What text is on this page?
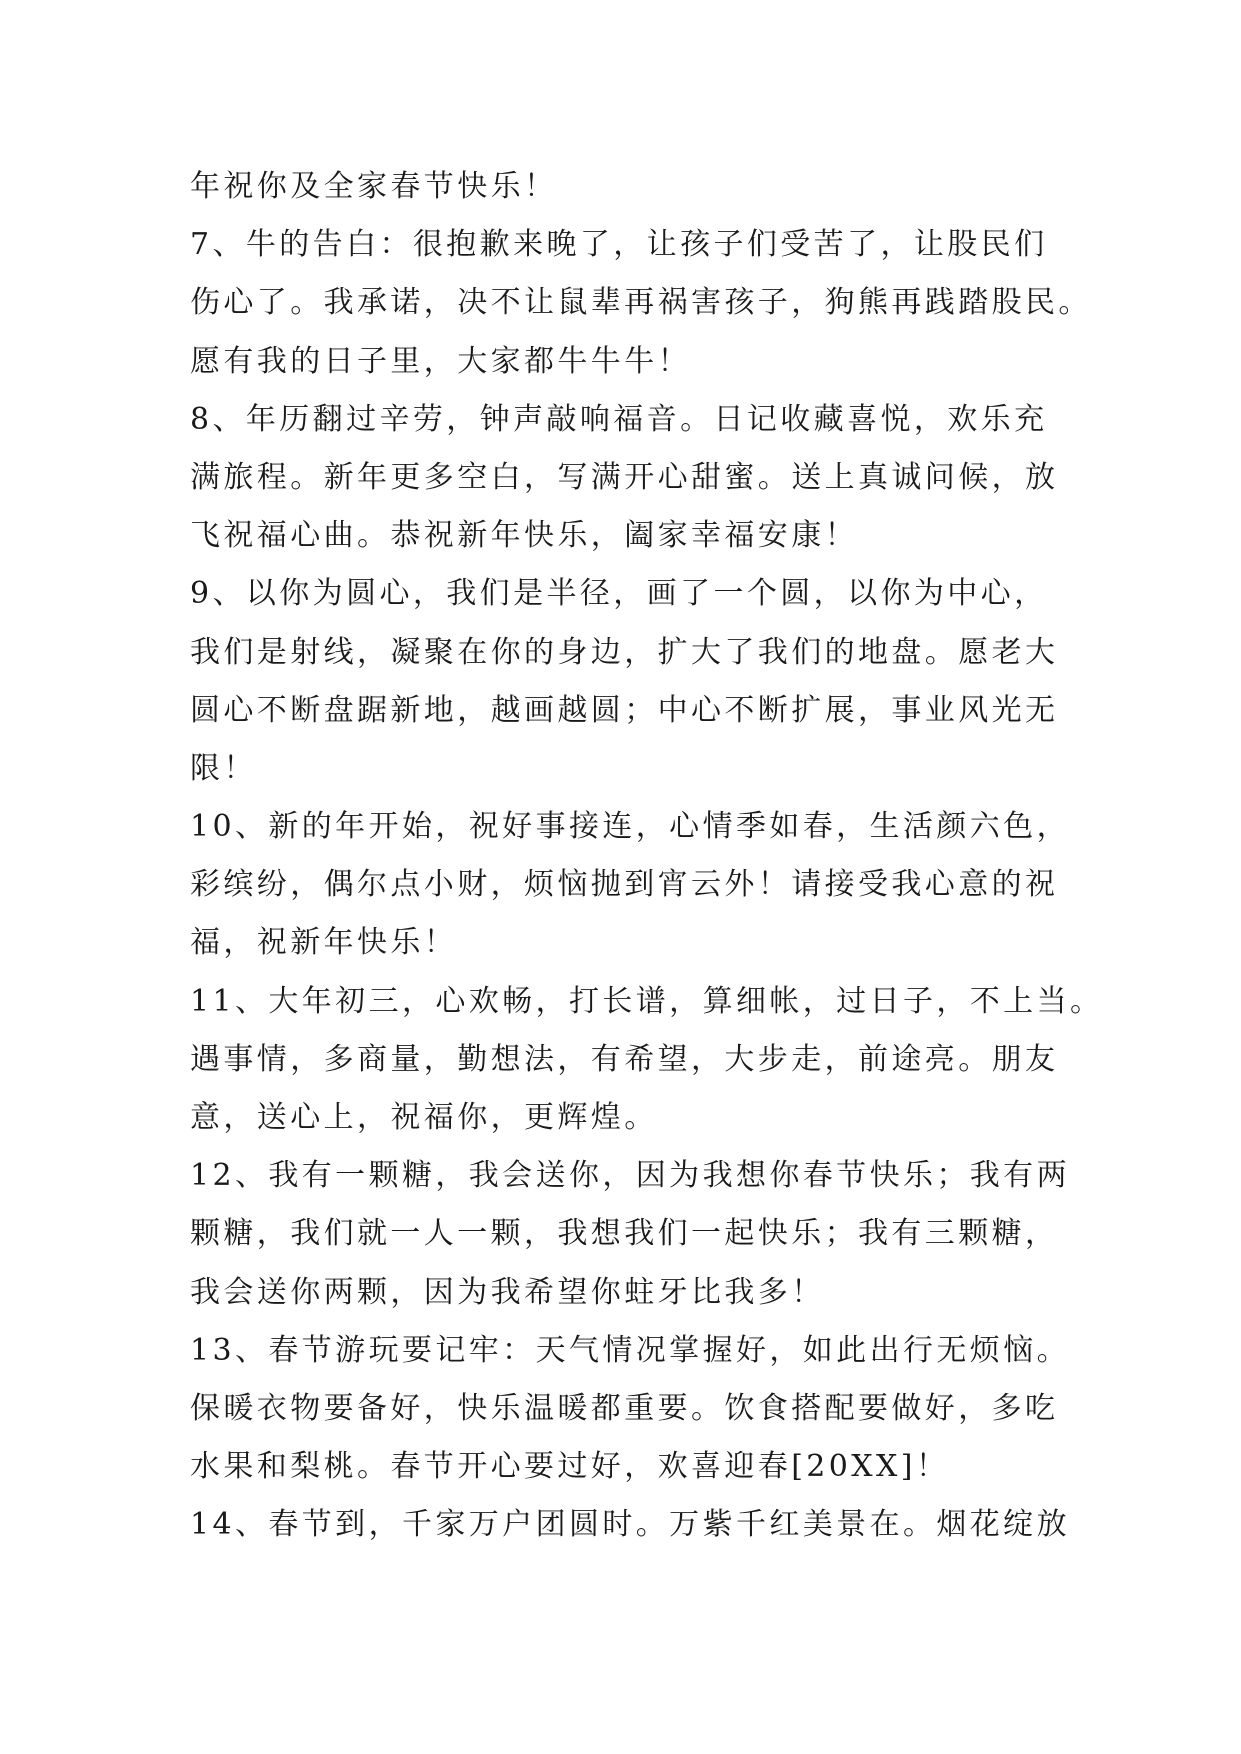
年祝你及全家春节快乐！
7、牛的告白：很抱歉来晚了，让孩子们受苦了，让股民们
伤心了。我承诺，决不让鼠辈再祸害孩子，狗熊再践踏股民。
愿有我的日子里，大家都牛牛牛！
8、年历翻过辛劳，钟声敲响福音。日记收藏喜悦，欢乐充
满旅程。新年更多空白，写满开心甜蜜。送上真诚问候，放
飞祝福心曲。恭祝新年快乐，阖家幸福安康！
9、以你为圆心，我们是半径，画了一个圆，以你为中心，
我们是射线，凝聚在你的身边，扩大了我们的地盘。愿老大
圆心不断盘踞新地，越画越圆；中心不断扩展，事业风光无
限！
10、新的年开始，祝好事接连，心情季如春，生活颜六色，
彩缤纷，偶尔点小财，烦恼抛到宵云外！请接受我心意的祝
福，祝新年快乐！
11、大年初三，心欢畅，打长谱，算细帐，过日子，不上当。
遇事情，多商量，勤想法，有希望，大步走，前途亮。朋友
意，送心上，祝福你，更辉煌。
12、我有一颗糖，我会送你，因为我想你春节快乐；我有两
颗糖，我们就一人一颗，我想我们一起快乐；我有三颗糖，
我会送你两颗，因为我希望你蛀牙比我多！
13、春节游玩要记牢：天气情况掌握好，如此出行无烦恼。
保暖衣物要备好，快乐温暖都重要。饮食搭配要做好，多吃
水果和梨桃。春节开心要过好，欢喜迎春[20XX]！
14、春节到，千家万户团圆时。万紫千红美景在。烟花绽放
